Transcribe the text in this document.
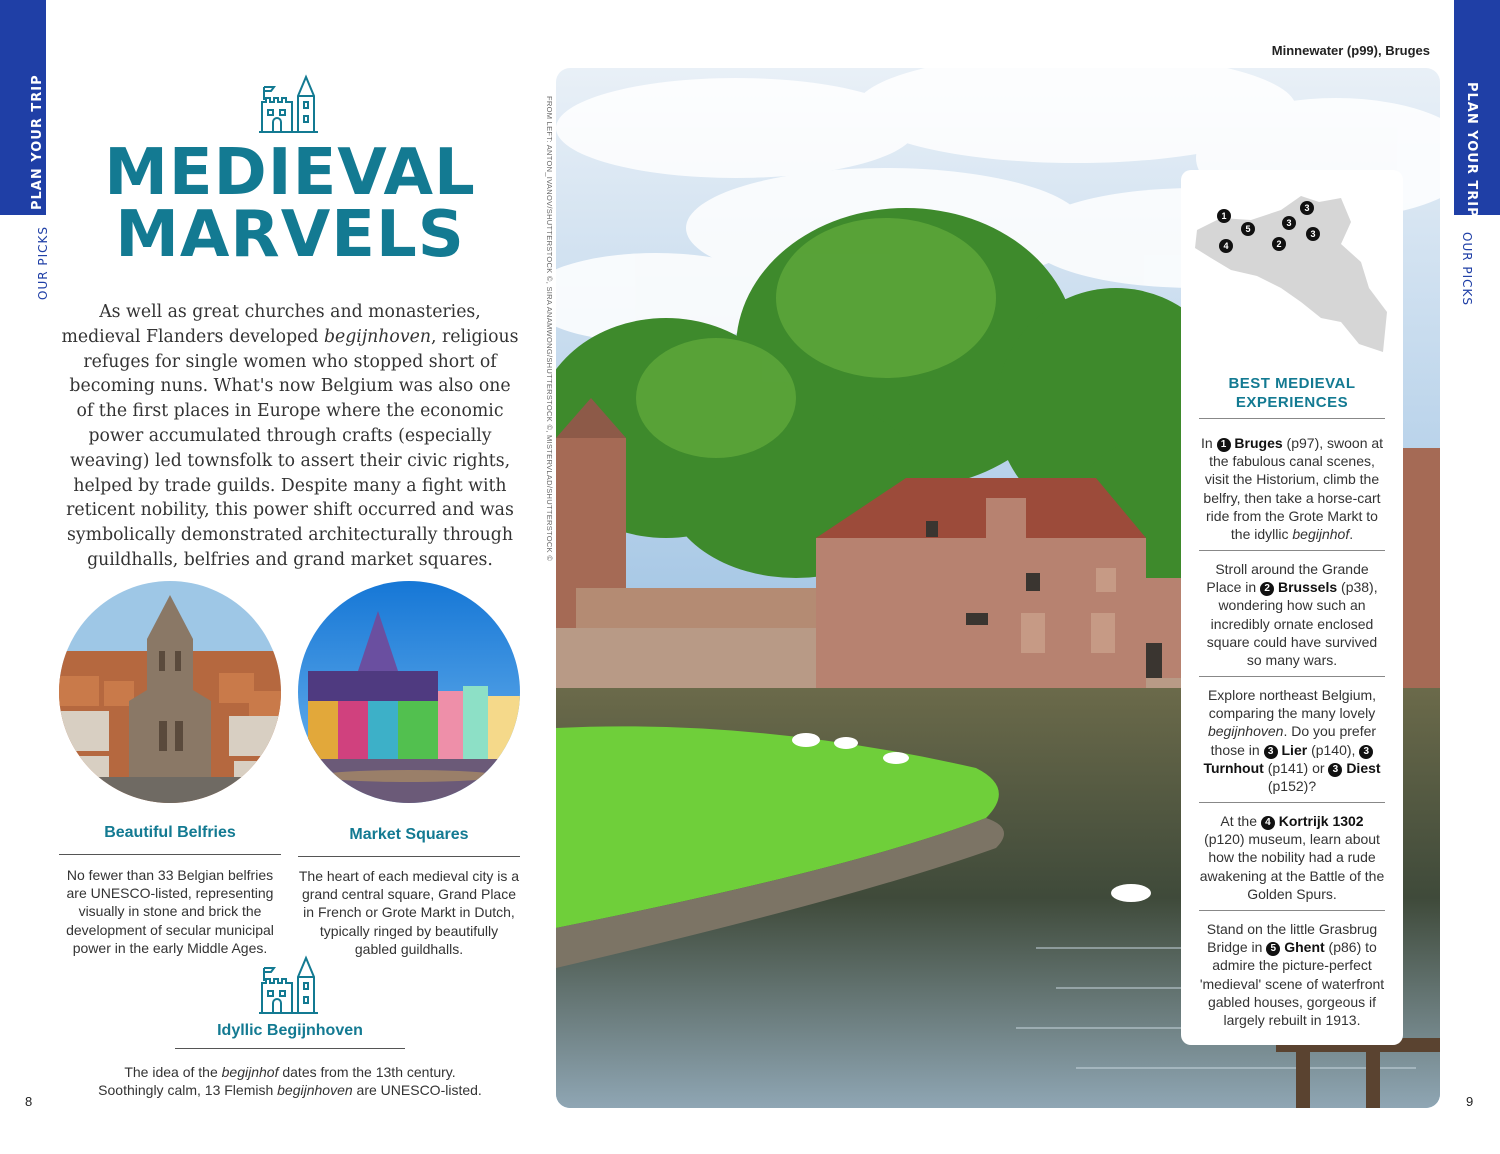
PLAN YOUR TRIP
OUR PICKS
PLAN YOUR TRIP
OUR PICKS
8	9
MEDIEVAL
MARVELS
As well as great churches and monasteries, medieval Flanders developed begijnhoven, religious refuges for single women who stopped short of becoming nuns. What's now Belgium was also one of the first places in Europe where the economic power accumulated through crafts (especially weaving) led townsfolk to assert their civic rights, helped by trade guilds. Despite many a fight with reticent nobility, this power shift occurred and was symbolically demonstrated architecturally through guildhalls, belfries and grand market squares.
Beautiful Belfries
No fewer than 33 Belgian belfries are UNESCO-listed, representing visually in stone and brick the development of secular municipal power in the early Middle Ages.
Market Squares
The heart of each medieval city is a grand central square, Grand Place in French or Grote Markt in Dutch, typically ringed by beautifully gabled guildhalls.
Idyllic Begijnhoven
The idea of the begijnhof dates from the 13th century.
Soothingly calm, 13 Flemish begijnhoven are UNESCO-listed.
Minnewater (p99), Bruges
FROM LEFT: ANTON_IVANOV/SHUTTERSTOCK ©, SIRA ANAMWONG/SHUTTERSTOCK ©, MISTERVLAD/SHUTTERSTOCK ©	1
5
4	2
3
3
3
BEST MEDIEVAL
EXPERIENCES
In 1 Bruges (p97), swoon at the fabulous canal scenes, visit the Historium, climb the belfry, then take a horse-cart ride from the Grote Markt to the idyllic begijnhof.
Stroll around the Grande Place in 2 Brussels (p38), wondering how such an incredibly ornate enclosed square could have survived so many wars.
Explore northeast Belgium, comparing the many lovely begijnhoven. Do you prefer those in 3 Lier (p140), 3 Turnhout (p141) or 3 Diest (p152)?
At the 4 Kortrijk 1302 (p120) museum, learn about how the nobility had a rude awakening at the Battle of the Golden Spurs.
Stand on the little Grasbrug Bridge in 5 Ghent (p86) to admire the picture-perfect 'medieval' scene of waterfront gabled houses, gorgeous if largely rebuilt in 1913.
